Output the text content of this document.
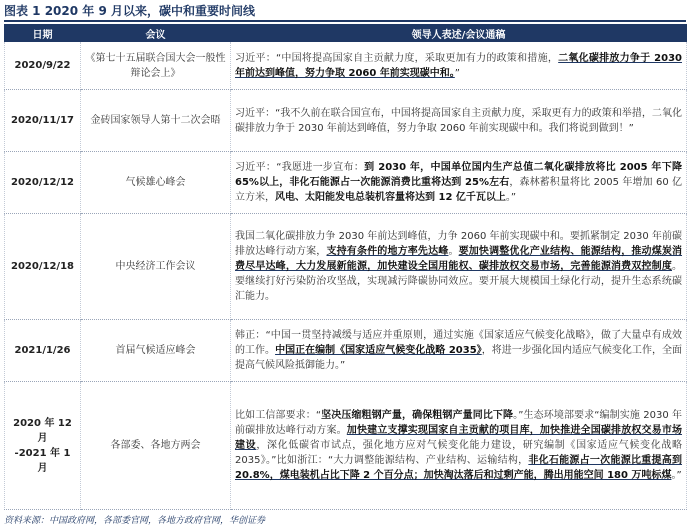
图表 1 2020 年 9 月以来，碳中和重要时间线
日期	会议	领导人表述/会议通稿
2020/9/22	《第七十五届联合国大会一般性辩论会上》	习近平：“中国将提高国家自主贡献力度，采取更加有力的政策和措施，二氧化碳排放力争于 2030 年前达到峰值，努力争取 2060 年前实现碳中和。”
2020/11/17	金砖国家领导人第十二次会晤	习近平：“我不久前在联合国宣布，中国将提高国家自主贡献力度，采取更有力的政策和举措，二氧化碳排放力争于 2030 年前达到峰值，努力争取 2060 年前实现碳中和。我们将说到做到！”
2020/12/12	气候雄心峰会	习近平：“我愿进一步宣布：到 2030 年，中国单位国内生产总值二氧化碳排放将比 2005 年下降 65%以上，非化石能源占一次能源消费比重将达到 25%左右，森林蓄积量将比 2005 年增加 60 亿立方米，风电、太阳能发电总装机容量将达到 12 亿千瓦以上。”
2020/12/18	中央经济工作会议	我国二氧化碳排放力争 2030 年前达到峰值，力争 2060 年前实现碳中和。要抓紧制定 2030 年前碳排放达峰行动方案，支持有条件的地方率先达峰。要加快调整优化产业结构、能源结构，推动煤炭消费尽早达峰，大力发展新能源，加快建设全国用能权、碳排放权交易市场，完善能源消费双控制度。要继续打好污染防治攻坚战，实现减污降碳协同效应。要开展大规模国土绿化行动，提升生态系统碳汇能力。
2021/1/26	首届气候适应峰会	韩正：“中国一贯坚持减缓与适应并重原则，通过实施《国家适应气候变化战略》，做了大量卓有成效的工作。中国正在编制《国家适应气候变化战略 2035》，将进一步强化国内适应气候变化工作，全面提高气候风险抵御能力。”
2020 年 12 月
-2021 年 1 月	各部委、各地方两会	比如工信部要求：“坚决压缩粗钢产量，确保粗钢产量同比下降。”生态环境部要求“编制实施 2030 年前碳排放达峰行动方案。加快建立支撑实现国家自主贡献的项目库，加快推进全国碳排放权交易市场建设，深化低碳省市试点，强化地方应对气候变化能力建设，研究编制《国家适应气候变化战略 2035》。”比如浙江：“大力调整能源结构、产业结构、运输结构，非化石能源占一次能源比重提高到 20.8%，煤电装机占比下降 2 个百分点；加快淘汰落后和过剩产能，腾出用能空间 180 万吨标煤。”
资料来源：中国政府网，各部委官网，各地方政府官网，华创证券
